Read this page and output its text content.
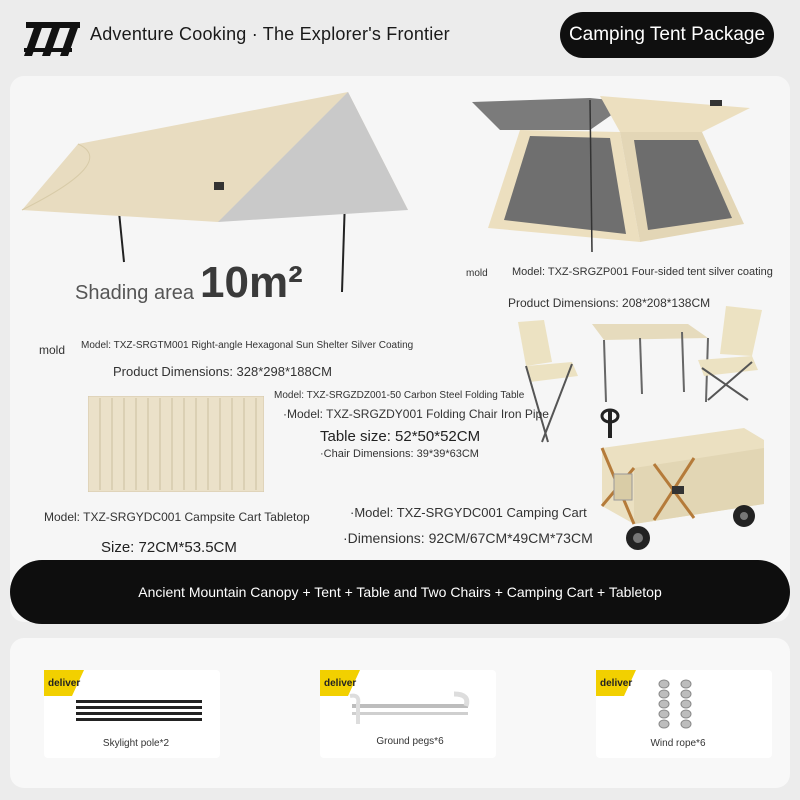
Adventure Cooking · The Explorer's Frontier	Camping Tent Package
Shading area 10m²
mold Model: TXZ-SRGTM001 Right-angle Hexagonal Sun Shelter Silver Coating
Product Dimensions: 328*298*188CM
mold Model: TXZ-SRGZP001 Four-sided tent silver coating
Product Dimensions: 208*208*138CM
Model: TXZ-SRGZDZ001-50 Carbon Steel Folding Table
·Model: TXZ-SRGZDY001 Folding Chair Iron Pipe
Table size: 52*50*52CM
·Chair Dimensions: 39*39*63CM
Model: TXZ-SRGYDC001 Campsite Cart Tabletop
Size: 72CM*53.5CM
·Model: TXZ-SRGYDC001 Camping Cart
·Dimensions: 92CM/67CM*49CM*73CM
Ancient Mountain Canopy + Tent + Table and Two Chairs + Camping Cart + Tabletop
deliver
Skylight pole*2
deliver
Ground pegs*6
deliver
Wind rope*6
